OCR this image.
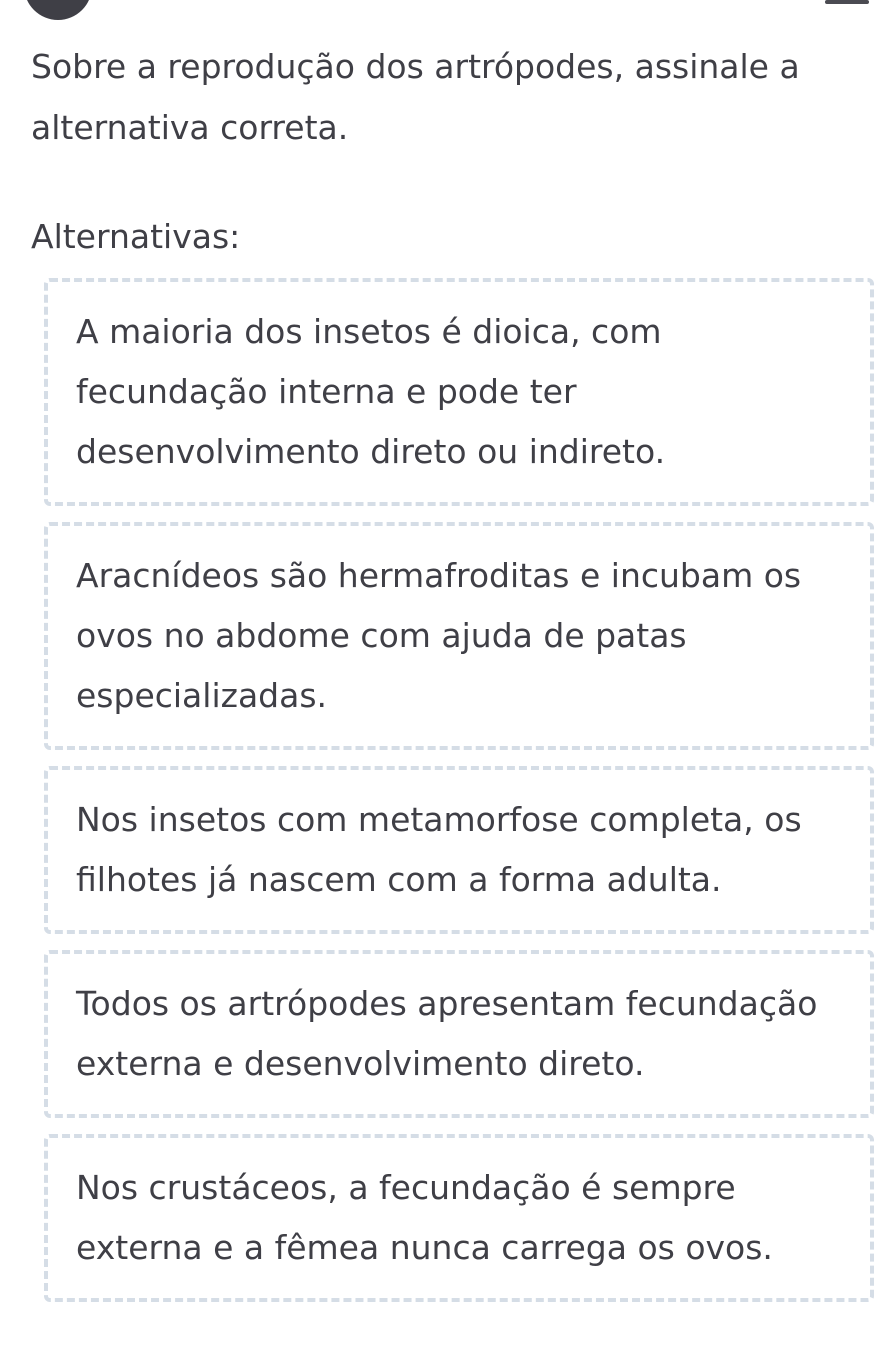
Sobre a reprodução dos artrópodes, assinale a alternativa correta.

Alternativas:

A maioria dos insetos é dioica, com fecundação interna e pode ter desenvolvimento direto ou indireto.
Aracnídeos são hermafroditas e incubam os ovos no abdome com ajuda de patas especializadas.
Nos insetos com metamorfose completa, os filhotes já nascem com a forma adulta.
Todos os artrópodes apresentam fecundação externa e desenvolvimento direto.
Nos crustáceos, a fecundação é sempre externa e a fêmea nunca carrega os ovos.
